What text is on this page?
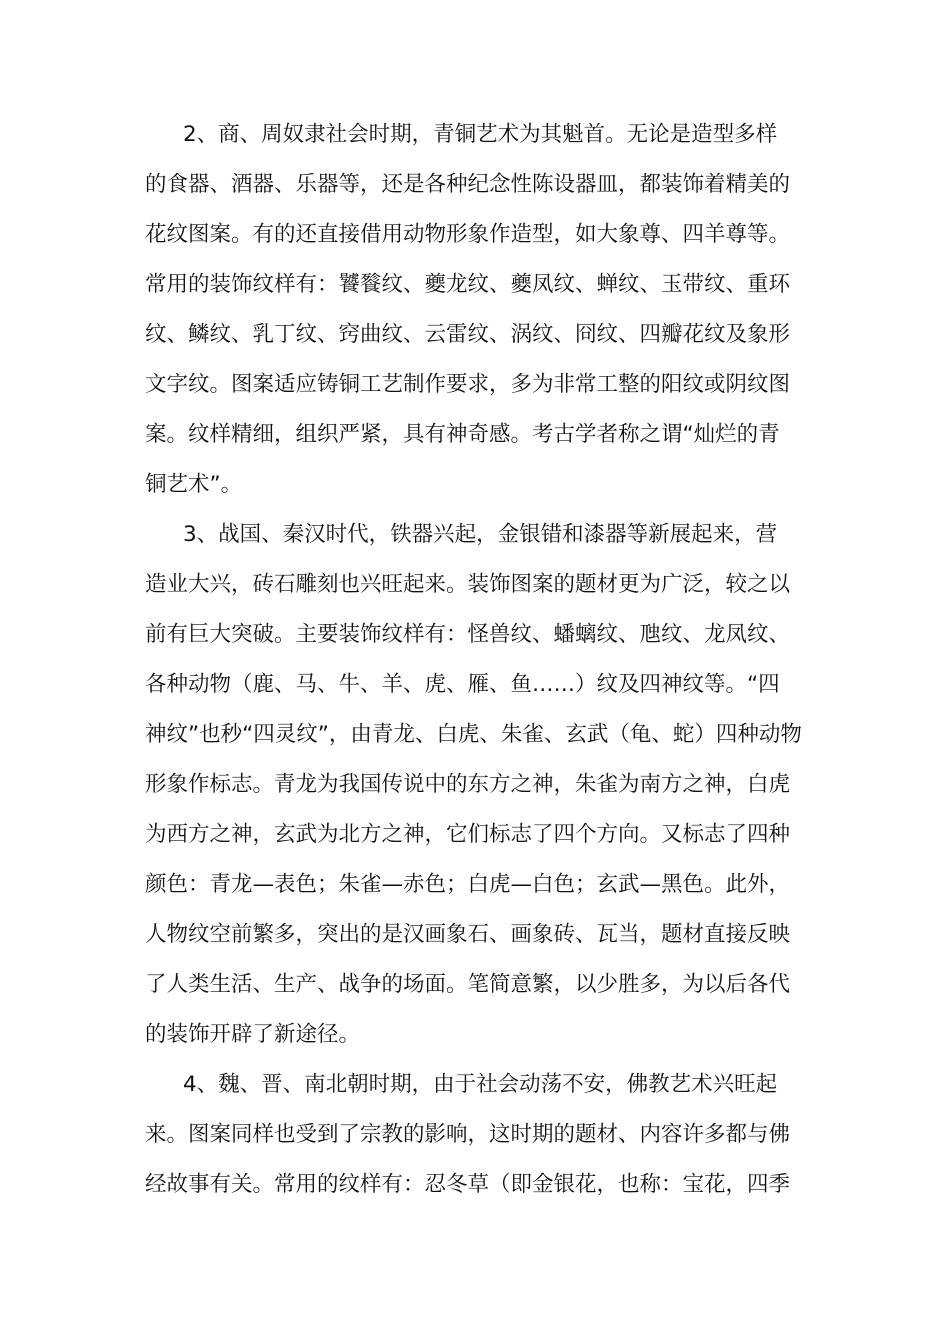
2、商、周奴隶社会时期，青铜艺术为其魁首。无论是造型多样
的食器、酒器、乐器等，还是各种纪念性陈设器皿，都装饰着精美的
花纹图案。有的还直接借用动物形象作造型，如大象尊、四羊尊等。
常用的装饰纹样有：饕餮纹、夔龙纹、夔凤纹、蝉纹、玉带纹、重环
纹、鳞纹、乳丁纹、窍曲纹、云雷纹、涡纹、冏纹、四瓣花纹及象形
文字纹。图案适应铸铜工艺制作要求，多为非常工整的阳纹或阴纹图
案。纹样精细，组织严紧，具有神奇感。考古学者称之谓“灿烂的青
铜艺术”。
3、战国、秦汉时代，铁器兴起，金银错和漆器等新展起来，营
造业大兴，砖石雕刻也兴旺起来。装饰图案的题材更为广泛，较之以
前有巨大突破。主要装饰纹样有：怪兽纹、蟠螭纹、虺纹、龙凤纹、
各种动物（鹿、马、牛、羊、虎、雁、鱼……）纹及四神纹等。“四
神纹”也秒“四灵纹”，由青龙、白虎、朱雀、玄武（龟、蛇）四种动物
形象作标志。青龙为我国传说中的东方之神，朱雀为南方之神，白虎
为西方之神，玄武为北方之神，它们标志了四个方向。又标志了四种
颜色：青龙—表色；朱雀—赤色；白虎—白色；玄武—黑色。此外，
人物纹空前繁多，突出的是汉画象石、画象砖、瓦当，题材直接反映
了人类生活、生产、战争的场面。笔简意繁，以少胜多，为以后各代
的装饰开辟了新途径。
4、魏、晋、南北朝时期，由于社会动荡不安，佛教艺术兴旺起
来。图案同样也受到了宗教的影响，这时期的题材、内容许多都与佛
经故事有关。常用的纹样有：忍冬草（即金银花，也称：宝花，四季
